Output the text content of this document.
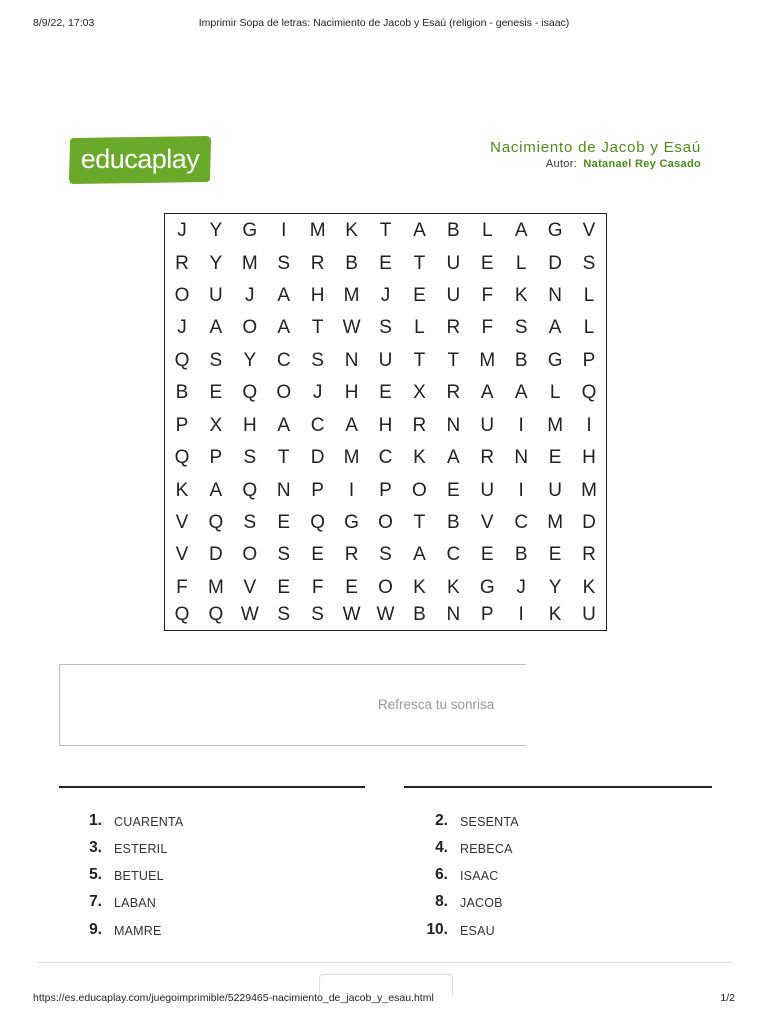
8/9/22, 17:03	Imprimir Sopa de letras: Nacimiento de Jacob y Esaú (religion - genesis - isaac)
educaplay	Nacimiento de Jacob y Esaú
Autor: Natanael Rey Casado
J	Y	G	I	M	K	T	A	B	L	A	G	V
R	Y	M	S	R	B	E	T	U	E	L	D	S
O	U	J	A	H	M	J	E	U	F	K	N	L
J	A	O	A	T	W S	L	R	F	S	A	L
Q	S	Y	C	S	N	U	T	T	M	B	G	P
B	E	Q	O	J	H	E	X	R	A	A	L	Q
P	X	H	A	C	A	H	R	N	U	I	M	I
Q	P	S	T	D	M	C	K	A	R	N	E	H
K	A	Q	N	P	I	P	O	E	U	I	U	M
V	Q	S	E	Q	G	O	T	B	V	C	M	D
V	D	O	S	E	R	S	A	C	E	B	E	R
F	M	V	E	F	E	O	K	K	G	J	Y	K
Q	Q W S	S W W B	N	P	I	K	U
Refresca tu sonrisa
1. CUARENTA	2. SESENTA
3. ESTERIL	4. REBECA
5. BETUEL	6. ISAAC
7. LABAN	8. JACOB
9. MAMRE	10. ESAU
https://es.educaplay.com/juegoimprimible/5229465-nacimiento_de_jacob_y_esau.html	1/2
